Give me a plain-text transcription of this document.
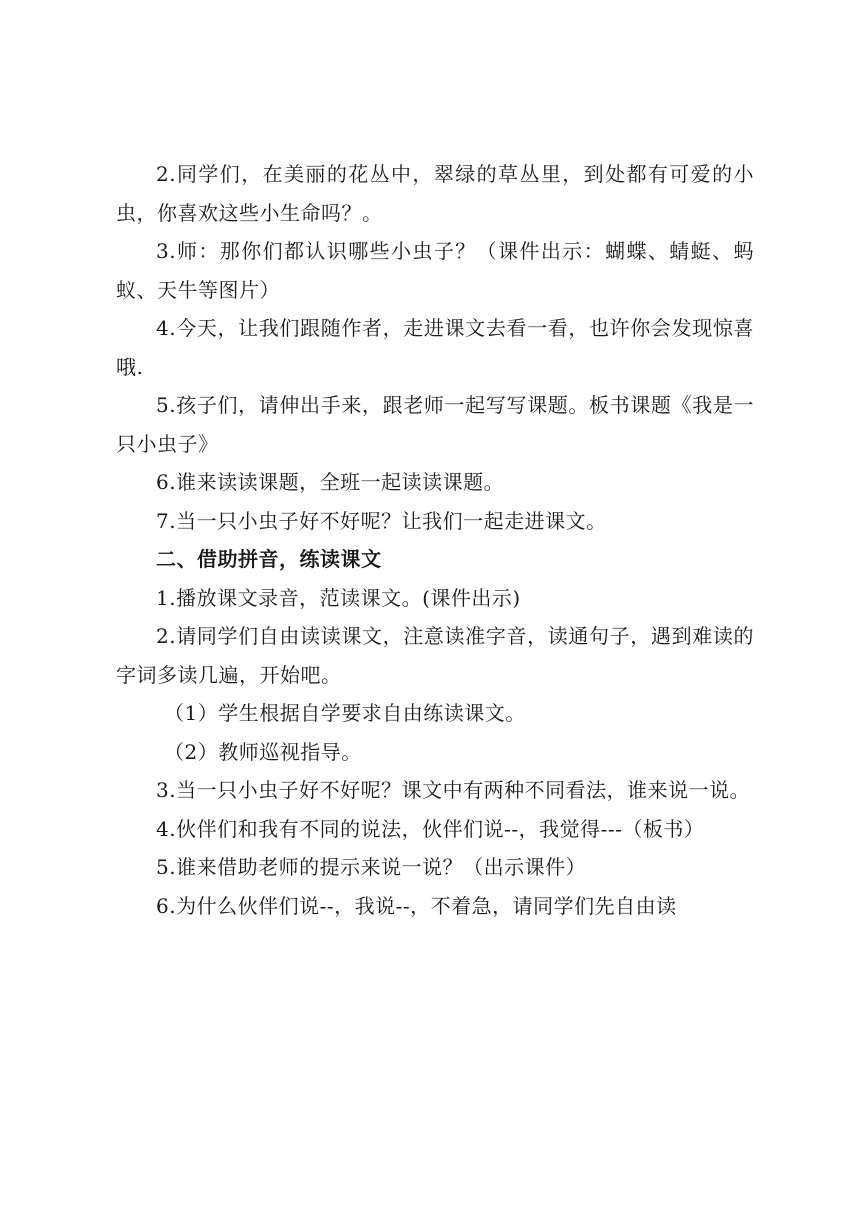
2.同学们，在美丽的花丛中，翠绿的草丛里，到处都有可爱的小虫，你喜欢这些小生命吗？。

3.师：那你们都认识哪些小虫子？（课件出示：蝴蝶、蜻蜓、蚂蚁、天牛等图片）

4.今天，让我们跟随作者，走进课文去看一看，也许你会发现惊喜哦.

5.孩子们，请伸出手来，跟老师一起写写课题。板书课题《我是一只小虫子》

6.谁来读读课题，全班一起读读课题。

7.当一只小虫子好不好呢？让我们一起走进课文。

二、借助拼音，练读课文

1.播放课文录音，范读课文。(课件出示)

2.请同学们自由读读课文，注意读准字音，读通句子，遇到难读的字词多读几遍，开始吧。

（1）学生根据自学要求自由练读课文。

（2）教师巡视指导。

3.当一只小虫子好不好呢？课文中有两种不同看法，谁来说一说。

4.伙伴们和我有不同的说法，伙伴们说--，我觉得---（板书）

5.谁来借助老师的提示来说一说？（出示课件）

6.为什么伙伴们说--，我说--，不着急，请同学们先自由读
